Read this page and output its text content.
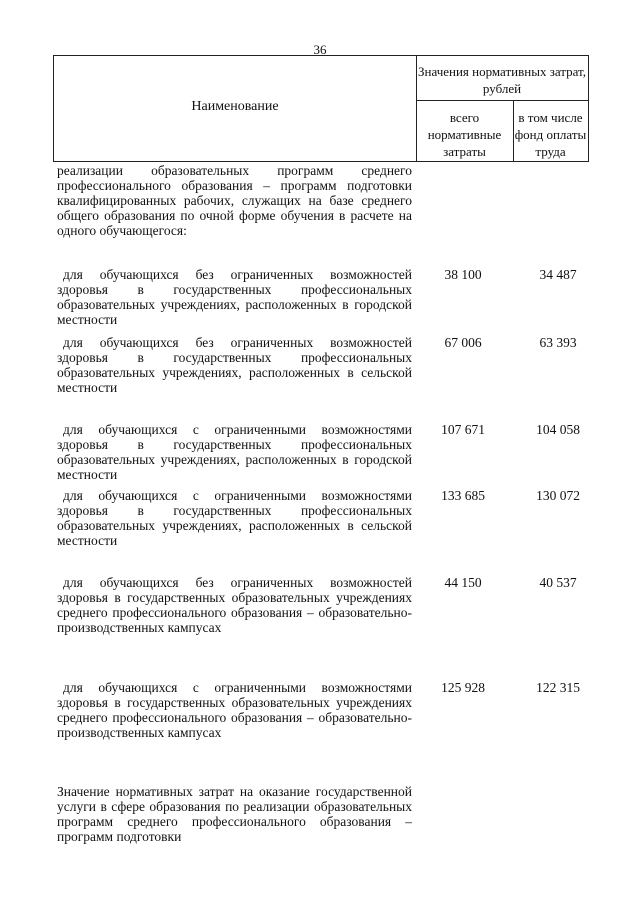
36
Наименование
Значения нормативных затрат, рублей
всего нормативные затраты
в том числе фонд оплаты труда
реализации образовательных программ среднего профессионального образования – программ подготовки квалифицированных рабочих, служащих на базе среднего общего образования по очной форме обучения в расчете на одного обучающегося:
для обучающихся без ограниченных возможностей здоровья в государственных профессиональных образовательных учреждениях, расположенных в городской местности
38 100	34 487
для обучающихся без ограниченных возможностей здоровья в государственных профессиональных образовательных учреждениях, расположенных в сельской местности
67 006	63 393
для обучающихся с ограниченными возможностями здоровья в государственных профессиональных образовательных учреждениях, расположенных в городской местности
107 671	104 058
для обучающихся с ограниченными возможностями здоровья в государственных профессиональных образовательных учреждениях, расположенных в сельской местности
133 685	130 072
для обучающихся без ограниченных возможностей здоровья в государственных образовательных учреждениях среднего профессионального образования – образовательно-производственных кампусах
44 150	40 537
для обучающихся с ограниченными возможностями здоровья в государственных образовательных учреждениях среднего профессионального образования – образовательно-производственных кампусах
125 928	122 315
Значение нормативных затрат на оказание государственной услуги в сфере образования по реализации образовательных программ среднего профессионального образования – программ подготовки
